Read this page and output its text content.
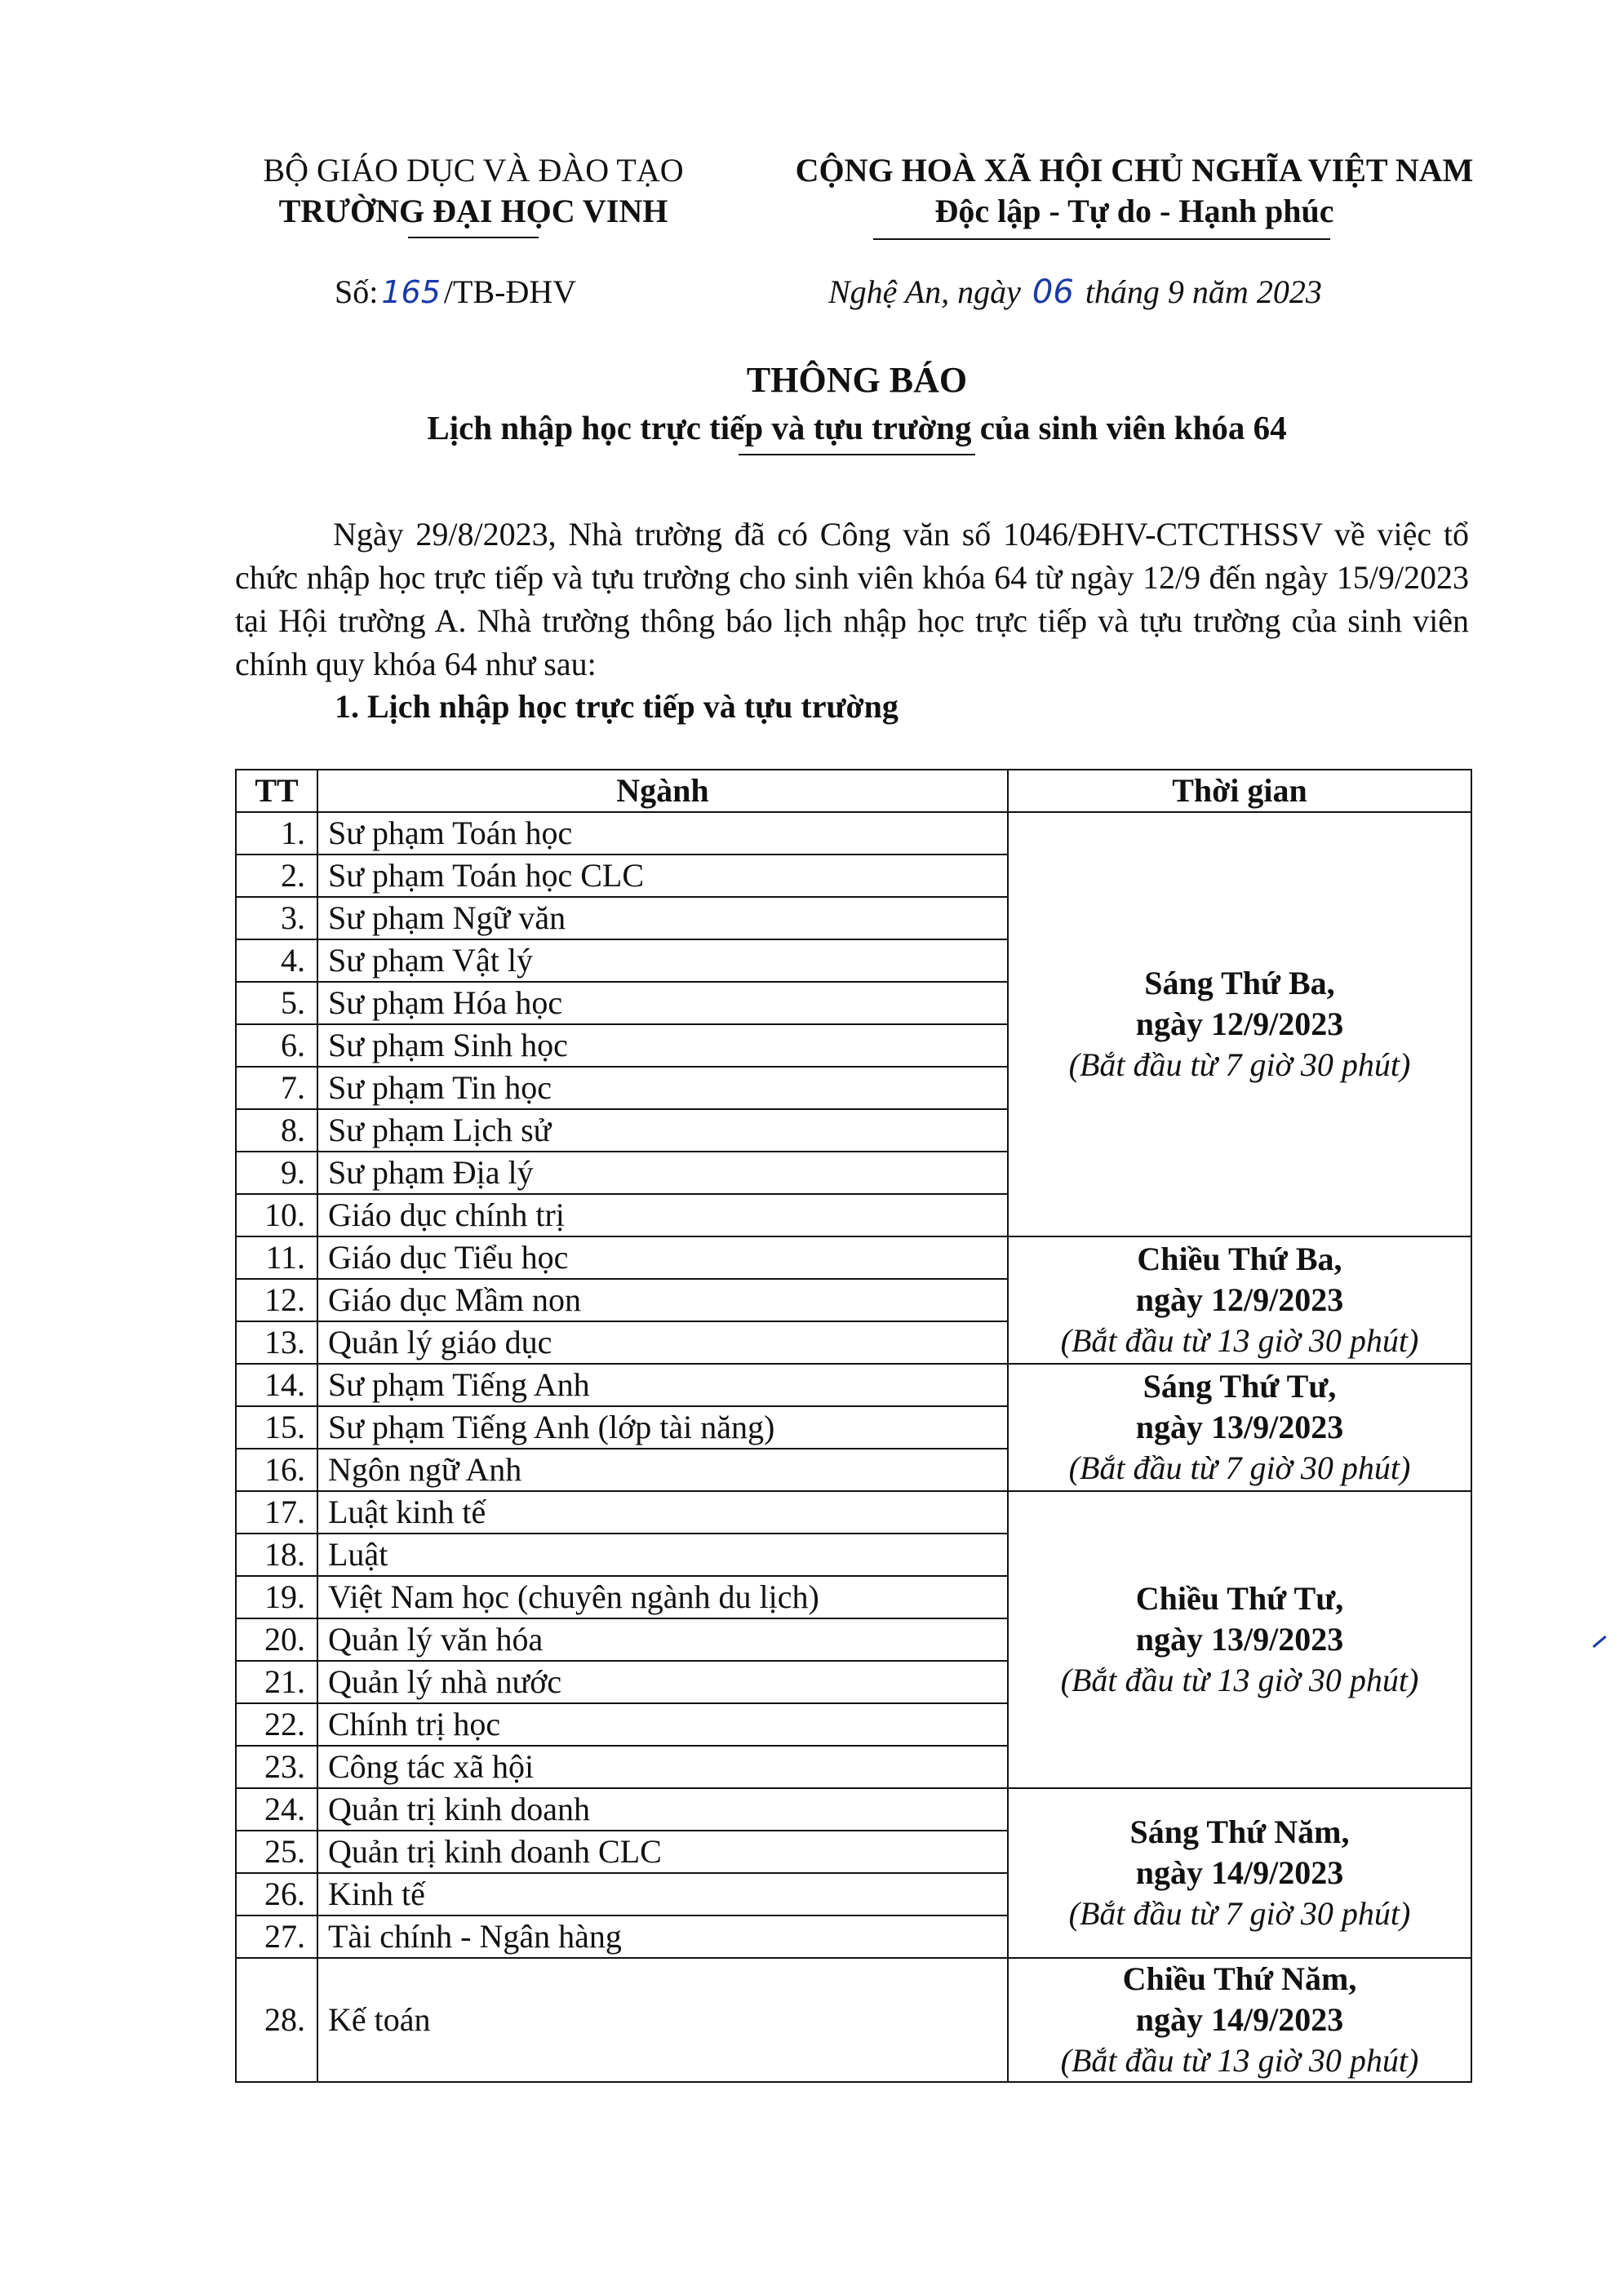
BỘ GIÁO DỤC VÀ ĐÀO TẠO
TRƯỜNG ĐẠI HỌC VINH
CỘNG HOÀ XÃ HỘI CHỦ NGHĨA VIỆT NAM
Độc lập - Tự do - Hạnh phúc
Số: 165 /TB-ĐHV	Nghệ An, ngày 06 tháng 9 năm 2023
THÔNG BÁO
Lịch nhập học trực tiếp và tựu trường của sinh viên khóa 64
Ngày 29/8/2023, Nhà trường đã có Công văn số 1046/ĐHV-CTCTHSSV về việc tổ chức nhập học trực tiếp và tựu trường cho sinh viên khóa 64 từ ngày 12/9 đến ngày 15/9/2023 tại Hội trường A. Nhà trường thông báo lịch nhập học trực tiếp và tựu trường của sinh viên chính quy khóa 64 như sau:
1. Lịch nhập học trực tiếp và tựu trường
TT	Ngành	Thời gian
1.	Sư phạm Toán học	Sáng Thứ Ba,
ngày 12/9/2023
(Bắt đầu từ 7 giờ 30 phút)

2.	Sư phạm Toán học CLC	
3.	Sư phạm Ngữ văn	
4.	Sư phạm Vật lý	
5.	Sư phạm Hóa học	
6.	Sư phạm Sinh học	
7.	Sư phạm Tin học	
8.	Sư phạm Lịch sử	
9.	Sư phạm Địa lý	
10.	Giáo dục chính trị	
11.	Giáo dục Tiểu học	Chiều Thứ Ba,
ngày 12/9/2023
(Bắt đầu từ 13 giờ 30 phút)

12.	Giáo dục Mầm non	
13.	Quản lý giáo dục	
14.	Sư phạm Tiếng Anh	Sáng Thứ Tư,
ngày 13/9/2023
(Bắt đầu từ 7 giờ 30 phút)

15.	Sư phạm Tiếng Anh (lớp tài năng)	
16.	Ngôn ngữ Anh	
17.	Luật kinh tế	Chiều Thứ Tư,
ngày 13/9/2023
(Bắt đầu từ 13 giờ 30 phút)

18.	Luật	
19.	Việt Nam học (chuyên ngành du lịch)	
20.	Quản lý văn hóa	
21.	Quản lý nhà nước	
22.	Chính trị học	
23.	Công tác xã hội	
24.	Quản trị kinh doanh	Sáng Thứ Năm,
ngày 14/9/2023
(Bắt đầu từ 7 giờ 30 phút)

25.	Quản trị kinh doanh CLC	
26.	Kinh tế	
27.	Tài chính - Ngân hàng	
28.	Kế toán	Chiều Thứ Năm,
ngày 14/9/2023
(Bắt đầu từ 13 giờ 30 phút)
